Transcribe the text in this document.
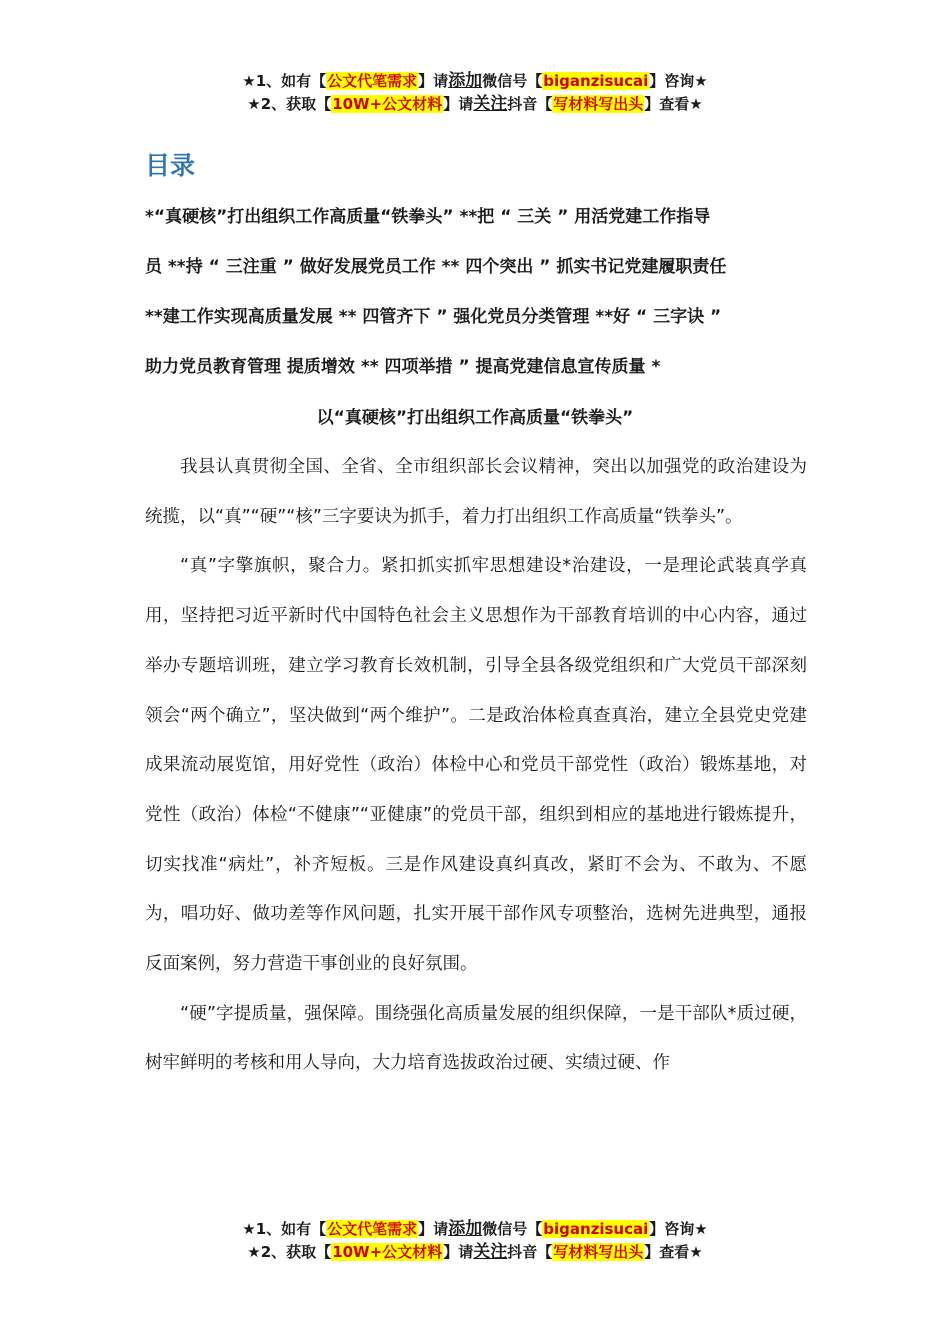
★1、如有【公文代笔需求】请添加微信号【biganzisucai】咨询★
★2、获取【10W+公文材料】请关注抖音【写材料写出头】查看★
目录
*“真硬核”打出组织工作高质量“铁拳头” **把 “ 三关 ” 用活党建工作指导
员 **持 “ 三注重 ” 做好发展党员工作 ** 四个突出 ” 抓实书记党建履职责任
**建工作实现高质量发展 ** 四管齐下 ” 强化党员分类管理 **好 “ 三字诀 ”
助力党员教育管理 提质增效 ** 四项举措 ” 提高党建信息宣传质量 *
以“真硬核”打出组织工作高质量“铁拳头”

我县认真贯彻全国、全省、全市组织部长会议精神，突出以加强党的政治建设为统揽，以“真”“硬”“核”三字要诀为抓手，着力打出组织工作高质量“铁拳头”。

“真”字擎旗帜，聚合力。紧扣抓实抓牢思想建设*治建设，一是理论武装真学真用，坚持把习近平新时代中国特色社会主义思想作为干部教育培训的中心内容，通过举办专题培训班，建立学习教育长效机制，引导全县各级党组织和广大党员干部深刻领会“两个确立”，坚决做到“两个维护”。二是政治体检真查真治，建立全县党史党建成果流动展览馆，用好党性（政治）体检中心和党员干部党性（政治）锻炼基地，对党性（政治）体检“不健康”“亚健康”的党员干部，组织到相应的基地进行锻炼提升，切实找准“病灶”，补齐短板。三是作风建设真纠真改，紧盯不会为、不敢为、不愿为，唱功好、做功差等作风问题，扎实开展干部作风专项整治，选树先进典型，通报反面案例，努力营造干事创业的良好氛围。

“硬”字提质量，强保障。围绕强化高质量发展的组织保障，一是干部队*质过硬，树牢鲜明的考核和用人导向，大力培育选拔政治过硬、实绩过硬、作

★1、如有【公文代笔需求】请添加微信号【biganzisucai】咨询★
★2、获取【10W+公文材料】请关注抖音【写材料写出头】查看★
